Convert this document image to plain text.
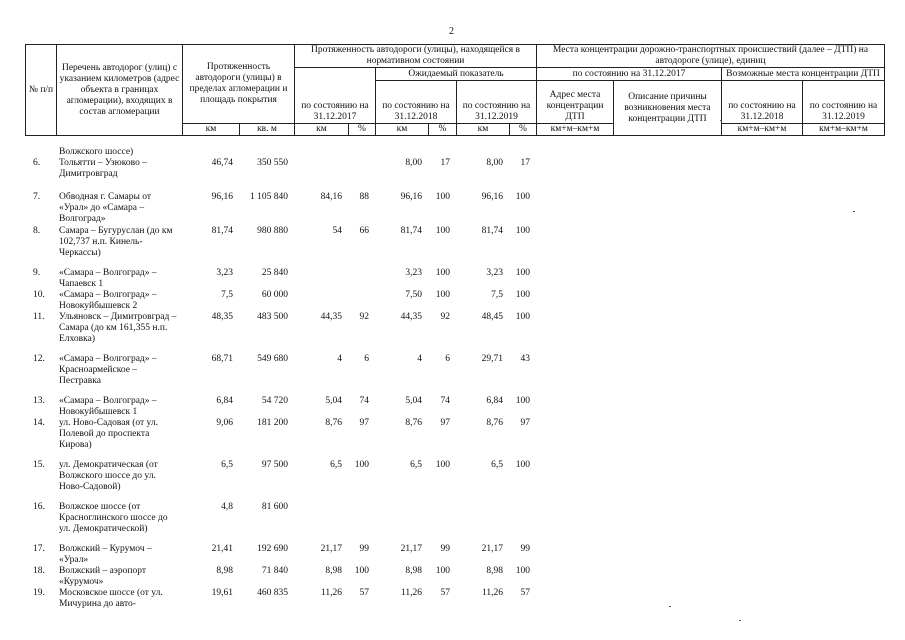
2
№ п/п	Перечень автодорог (улиц) с указанием километров (адрес объекта в границах агломерации), входящих в состав агломерации	Протяженность автодороги (улицы) в пределах агломерации и площадь покрытия		Протяженность автодороги (улицы), находящейся в нормативном состоянии						Места концентрации дорожно-транспортных происшествий (далее – ДТП) на автодороге (улице), единиц			
				по состоянию на 31.12.2017		Ожидаемый показатель				по состоянию на 31.12.2017		Возможные места концентрации ДТП	
						по состоянию на 31.12.2018		по состоянию на 31.12.2019		Адрес места концентрации ДТП	Описание причины возникновения места концентрации ДТП	по состоянию на 31.12.2018	по состоянию на 31.12.2019
		км	кв. м	км	%	км	%	км	%	км+м–км+м		км+м–км+м	км+м–км+м
	Волжского шоссе)								
6.	Тольятти – Узюково – Димитровград	46,74	350 550			8,00	17	8,00	17
7.	Обводная г. Самары от «Урал» до «Самара – Волгоград»	96,16	1 105 840	84,16	88	96,16	100	96,16	100
8.	Самара – Бугуруслан (до км 102,737 н.п. Кинель-Черкассы)	81,74	980 880	54	66	81,74	100	81,74	100
9.	«Самара – Волгоград» – Чапаевск 1	3,23	25 840			3,23	100	3,23	100
10.	«Самара – Волгоград» – Новокуйбышевск 2	7,5	60 000			7,50	100	7,5	100
11.	Ульяновск – Димитровград – Самара (до км 161,355 н.п. Елховка)	48,35	483 500	44,35	92	44,35	92	48,45	100
12.	«Самара – Волгоград» – Красноармейское – Пестравка	68,71	549 680	4	6	4	6	29,71	43
13.	«Самара – Волгоград» – Новокуйбышевск 1	6,84	54 720	5,04	74	5,04	74	6,84	100
14.	ул. Ново-Садовая (от ул. Полевой до проспекта Кирова)	9,06	181 200	8,76	97	8,76	97	8,76	97
15.	ул. Демократическая (от Волжского шоссе до ул. Ново-Садовой)	6,5	97 500	6,5	100	6,5	100	6,5	100
16.	Волжское шоссе (от Красноглинского шоссе до ул. Демократической)	4,8	81 600						
17.	Волжский – Курумоч – «Урал»	21,41	192 690	21,17	99	21,17	99	21,17	99
18.	Волжский – аэропорт «Курумоч»	8,98	71 840	8,98	100	8,98	100	8,98	100
19.	Московское шоссе (от ул. Мичурина до авто-	19,61	460 835	11,26	57	11,26	57	11,26	57
